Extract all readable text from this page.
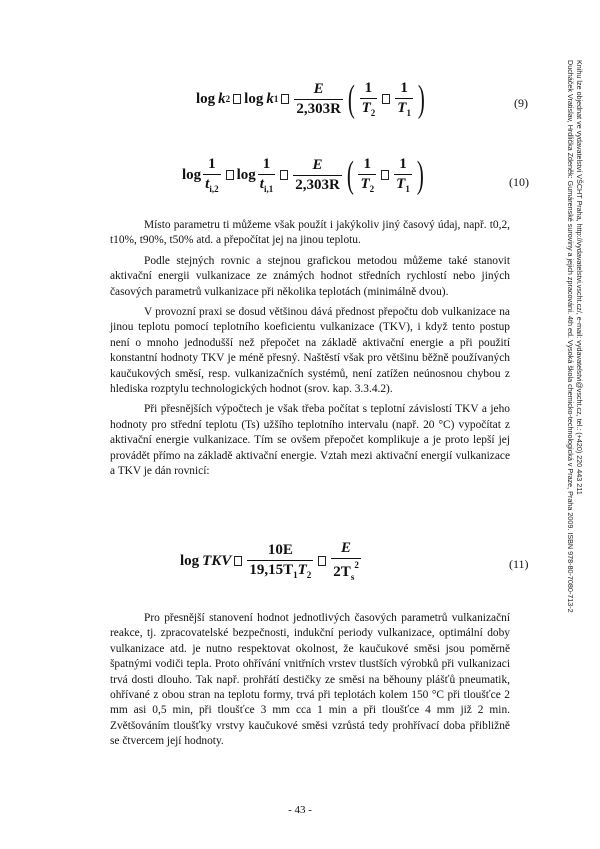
log k 2 log k $1 \frac{E}{2,303R}$ ( $\frac{1}{T_2} \frac{1}{T_1}$ )	(9)
$\log \frac{1}{t_{i,2}}$ $\log \frac{1}{t_{i,1}} \frac{E}{2,303R}$ ( $\frac{1}{T_2} \frac{1}{T_1}$ )	(10)

Místo parametru ti můžeme však použít i jakýkoliv jiný časový údaj, např. t0,2, t10%, t90%, t50% atd. a přepočítat jej na jinou teplotu.

Podle stejných rovnic a stejnou grafickou metodou můžeme také stanovit aktivační energii vulkanizace ze známých hodnot středních rychlostí nebo jiných časových parametrů vulkanizace při několika teplotách (minimálně dvou).

V provozní praxi se dosud většinou dává přednost přepočtu dob vulkanizace na jinou teplotu pomocí teplotního koeficientu vulkanizace (TKV), i když tento postup není o mnoho jednodušší než přepočet na základě aktivační energie a při použití konstantní hodnoty TKV je méně přesný. Naštěstí však pro většinu běžně používaných kaučukových směsí, resp. vulkanizačních systémů, není zatížen neúnosnou chybou z hlediska rozptylu technologických hodnot (srov. kap. 3.3.4.2).

Při přesnějších výpočtech je však třeba počítat s teplotní závislostí TKV a jeho hodnoty pro střední teplotu (Ts) užšího teplotního intervalu (např. 20 °C) vypočítat z aktivační energie vulkanizace. Tím se ovšem přepočet komplikuje a je proto lepší jej provádět přímo na základě aktivační energie. Vztah mezi aktivační energií vulkanizace a TKV je dán rovnicí:

log TKV $\frac{10E}{19,15T_1T_2} \frac{E}{2T_s^2}$	(11)

Pro přesnější stanovení hodnot jednotlivých časových parametrů vulkanizační reakce, tj. zpracovatelské bezpečnosti, indukční periody vulkanizace, optimální doby vulkanizace atd. je nutno respektovat okolnost, že kaučukové směsi jsou poměrně špatnými vodiči tepla. Proto ohřívání vnitřních vrstev tlustších výrobků při vulkanizaci trvá dosti dlouho. Tak např. prohřátí destičky ze směsi na běhouny plášťů pneumatik, ohřívané z obou stran na teplotu formy, trvá při teplotách kolem 150 °C při tloušťce 2 mm asi 0,5 min, při tloušťce 3 mm cca 1 min a při tloušťce 4 mm již 2 min. Zvětšováním tloušťky vrstvy kaučukové směsi vzrůstá tedy prohřívací doba přibližně se čtvercem její hodnoty.

Ducháček Vratislav, Hrdlička Zdeněk: Gumárenské suroviny a jejich zpracování. 4th ed. Vysoká škola chemicko-technologická v Praze, Praha 2009. ISBN 978-80-7080-713-2 Knihu lze objednat ve vydavatelství VŠCHT Praha, http://vydavatelstvi.vscht.cz/, e-mail: vydavatelstvi@vscht.cz, tel.: (+420) 220 443 211
- 43 -
